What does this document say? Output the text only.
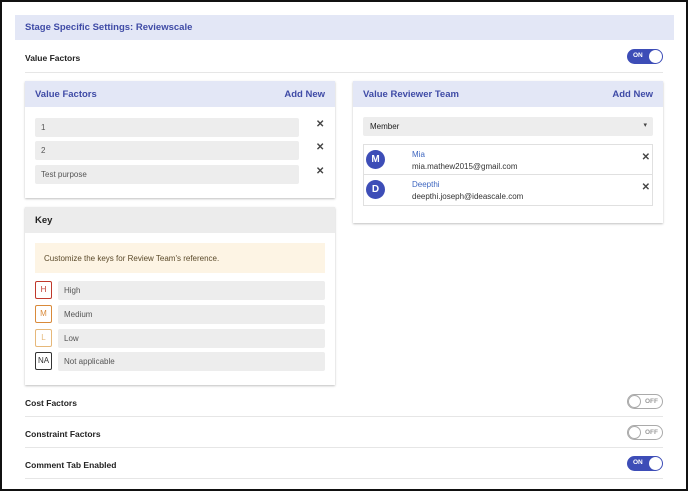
Stage Specific Settings: Reviewscale
Value Factors	ON
Value Factors	Add New
1	✕
2	✕
Test purpose	✕
Key
Customize the keys for Review Team's reference.
H	High
M	Medium
L	Low
NA	Not applicable
Value Reviewer Team	Add New
Member	▾
M	Mia
mia.mathew2015@gmail.com
✕
D	Deepthi
deepthi.joseph@ideascale.com
✕
Cost Factors	OFF
Constraint Factors	OFF
Comment Tab Enabled	ON
